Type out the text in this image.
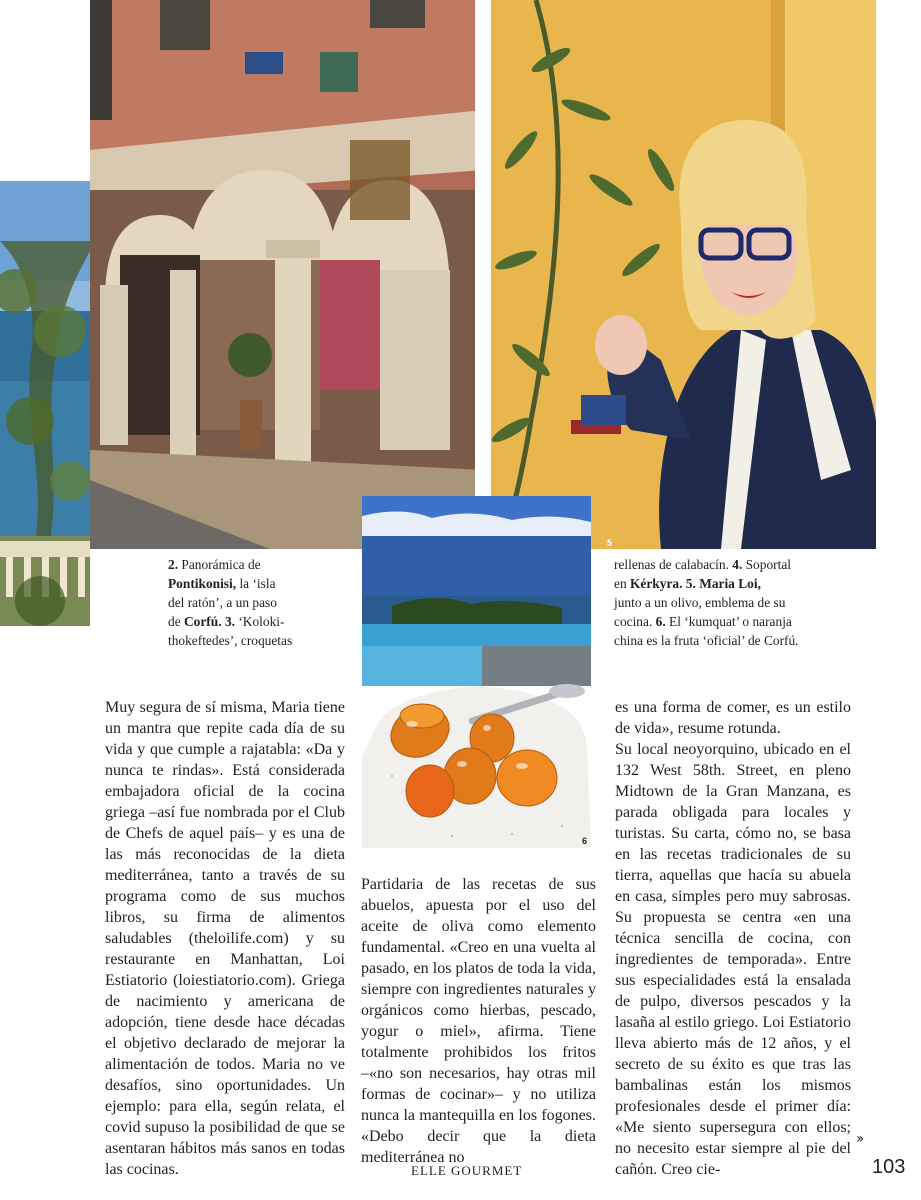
5
6
2. Panorámica de
Pontikonisi, la ‘isla
del ratón’, a un paso
de Corfú. 3. ‘Koloki-
thokeftedes’, croquetas
rellenas de calabacín. 4. Soportal
en Kérkyra. 5. Maria Loi,
junto a un olivo, emblema de su
cocina. 6. El ‘kumquat’ o naranja
china es la fruta ‘oficial’ de Corfú.

Muy segura de sí misma, Maria tiene un mantra que repite cada día de su vida y que cumple a rajatabla: «Da y nunca te rindas». Está considerada embajadora oficial de la cocina griega –así fue nombrada por el Club de Chefs de aquel país– y es una de las más reconocidas de la dieta mediterránea, tanto a través de su programa como de sus muchos libros, su firma de alimentos saludables (theloilife.com) y su restaurante en Manhattan, Loi Estiatorio (loiestiatorio.com). Griega de nacimiento y americana de adopción, tiene desde hace décadas el objetivo declarado de mejorar la alimentación de todos. Maria no ve desafíos, sino oportunidades. Un ejemplo: para ella, según relata, el covid supuso la posibilidad de que se asentaran hábitos más sanos en todas las cocinas.

Partidaria de las recetas de sus abuelos, apuesta por el uso del aceite de oliva como elemento fundamental. «Creo en una vuelta al pasado, en los platos de toda la vida, siempre con ingredientes naturales y orgánicos como hierbas, pescado, yogur o miel», afirma. Tiene totalmente prohibidos los fritos –«no son necesarios, hay otras mil formas de cocinar»– y no utiliza nunca la mantequilla en los fogones. «Debo decir que la dieta mediterránea no

es una forma de comer, es un estilo de vida», resume rotunda.

Su local neoyorquino, ubicado en el 132 West 58th. Street, en pleno Midtown de la Gran Manzana, es parada obligada para locales y turistas. Su carta, cómo no, se basa en las recetas tradicionales de su tierra, aquellas que hacía su abuela en casa, simples pero muy sabrosas. Su propuesta se centra «en una técnica sencilla de cocina, con ingredientes de temporada». Entre sus especialidades está la ensalada de pulpo, diversos pescados y la lasaña al estilo griego. Loi Estiatorio lleva abierto más de 12 años, y el secreto de su éxito es que tras las bambalinas están los mismos profesionales desde el primer día: «Me siento supersegura con ellos; no necesito estar siempre al pie del cañón. Creo cie-

››
ELLE GOURMET	103
